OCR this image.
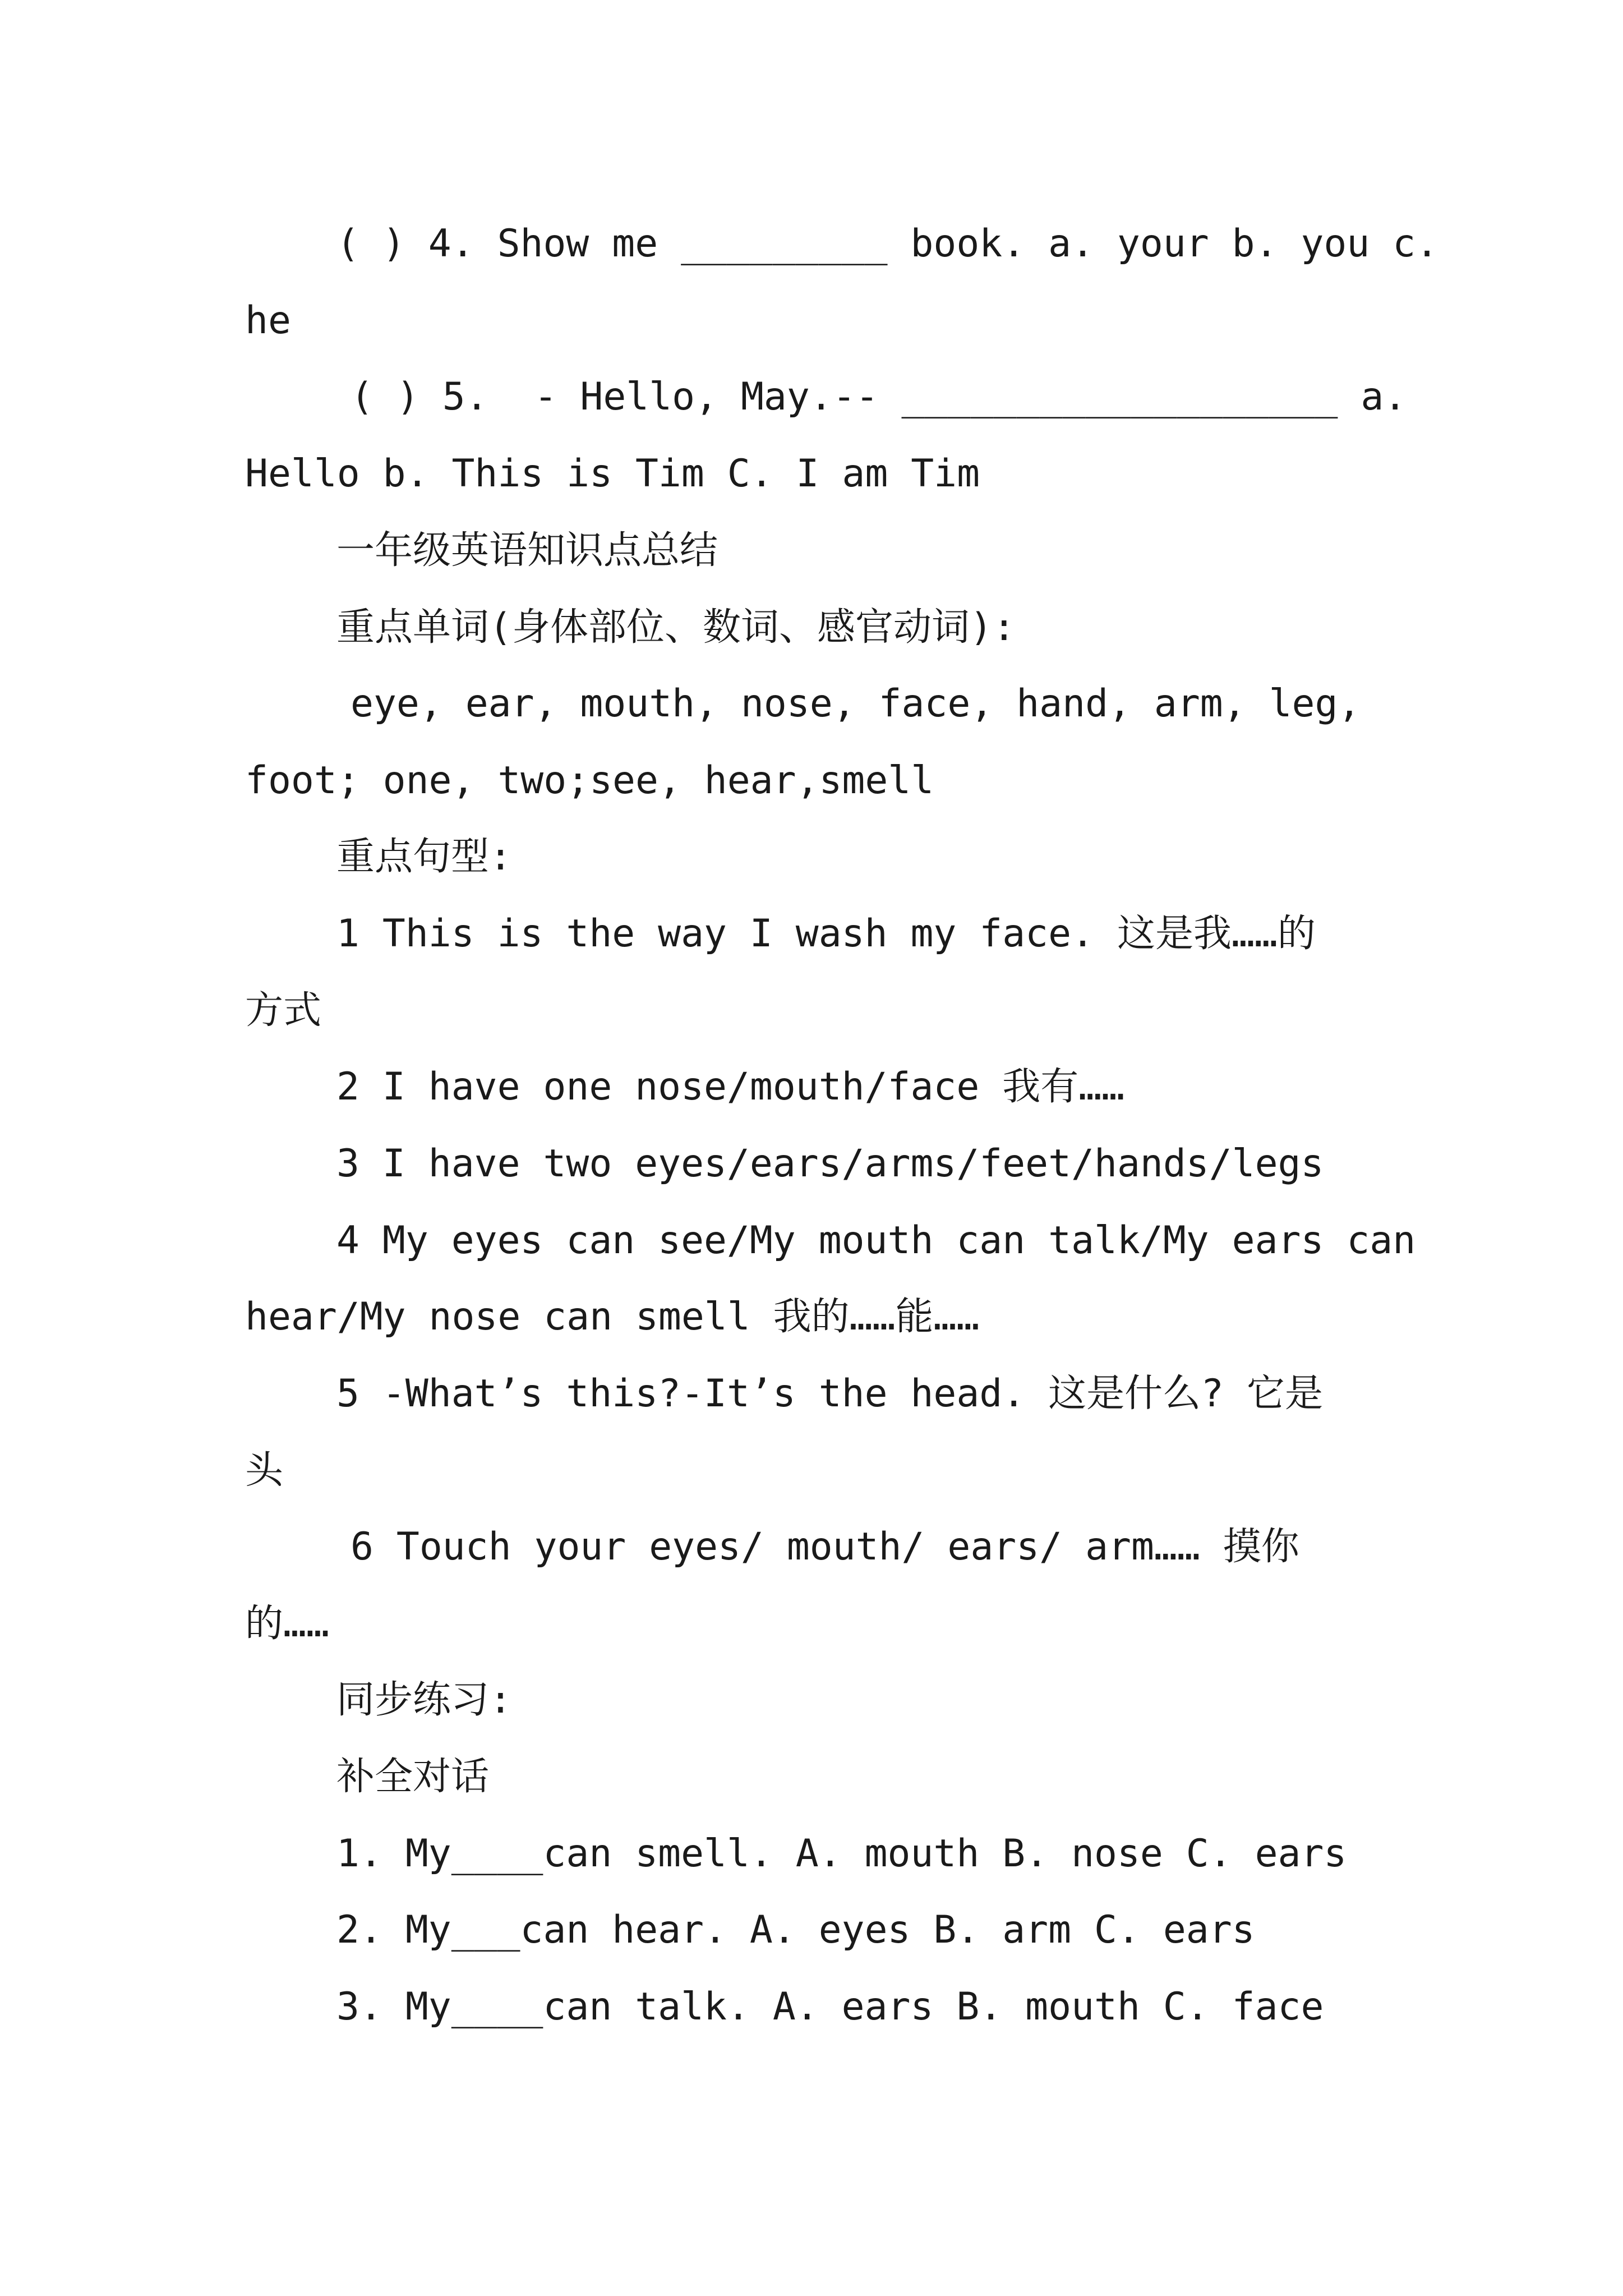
( ) 4. Show me _________ book. a. your b. you c.
he
( ) 5.  - Hello, May.-- ___________________ a.
Hello b. This is Tim C. I am Tim
一年级英语知识点总结
重点单词(身体部位、数词、感官动词):
eye, ear, mouth, nose, face, hand, arm, leg,
foot; one, two;see, hear,smell
重点句型:
1 This is the way I wash my face. 这是我……的
方式
2 I have one nose/mouth/face 我有……
3 I have two eyes/ears/arms/feet/hands/legs
4 My eyes can see/My mouth can talk/My ears can
hear/My nose can smell 我的……能……
5 -What’s this?-It’s the head. 这是什么? 它是
头
6 Touch your eyes/ mouth/ ears/ arm…… 摸你
的……
同步练习:
补全对话
1. My____can smell. A. mouth B. nose C. ears
2. My___can hear. A. eyes B. arm C. ears
3. My____can talk. A. ears B. mouth C. face
